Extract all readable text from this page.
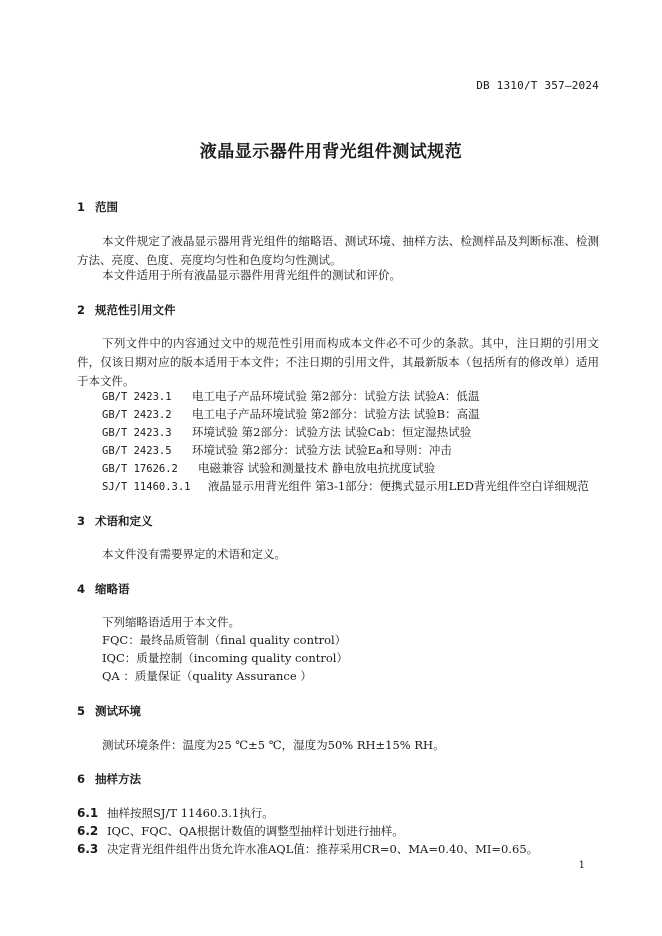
DB 1310/T 357—2024
液晶显示器件用背光组件测试规范
1 范围
本文件规定了液晶显示器用背光组件的缩略语、测试环境、抽样方法、检测样品及判断标准、检测方法、亮度、色度、亮度均匀性和色度均匀性测试。
本文件适用于所有液晶显示器件用背光组件的测试和评价。
2 规范性引用文件
下列文件中的内容通过文中的规范性引用而构成本文件必不可少的条款。其中，注日期的引用文件，仅该日期对应的版本适用于本文件；不注日期的引用文件，其最新版本（包括所有的修改单）适用于本文件。
GB/T 2423.1 电工电子产品环境试验 第2部分：试验方法 试验A：低温
GB/T 2423.2 电工电子产品环境试验 第2部分：试验方法 试验B：高温
GB/T 2423.3 环境试验 第2部分：试验方法 试验Cab：恒定湿热试验
GB/T 2423.5 环境试验 第2部分：试验方法 试验Ea和导则：冲击
GB/T 17626.2 电磁兼容 试验和测量技术 静电放电抗扰度试验
SJ/T 11460.3.1 液晶显示用背光组件 第3-1部分：便携式显示用LED背光组件空白详细规范
3 术语和定义
本文件没有需要界定的术语和定义。
4 缩略语
下列缩略语适用于本文件。
FQC：最终品质管制（final quality control）
IQC：质量控制（incoming quality control）
QA ：质量保证（quality Assurance ）
5 测试环境
测试环境条件：温度为25 ℃±5 ℃，湿度为50% RH±15% RH。
6 抽样方法
6.1 抽样按照SJ/T 11460.3.1执行。
6.2 IQC、FQC、QA根据计数值的调整型抽样计划进行抽样。
6.3 决定背光组件组件出货允许水准AQL值：推荐采用CR=0、MA=0.40、MI=0.65。
1
